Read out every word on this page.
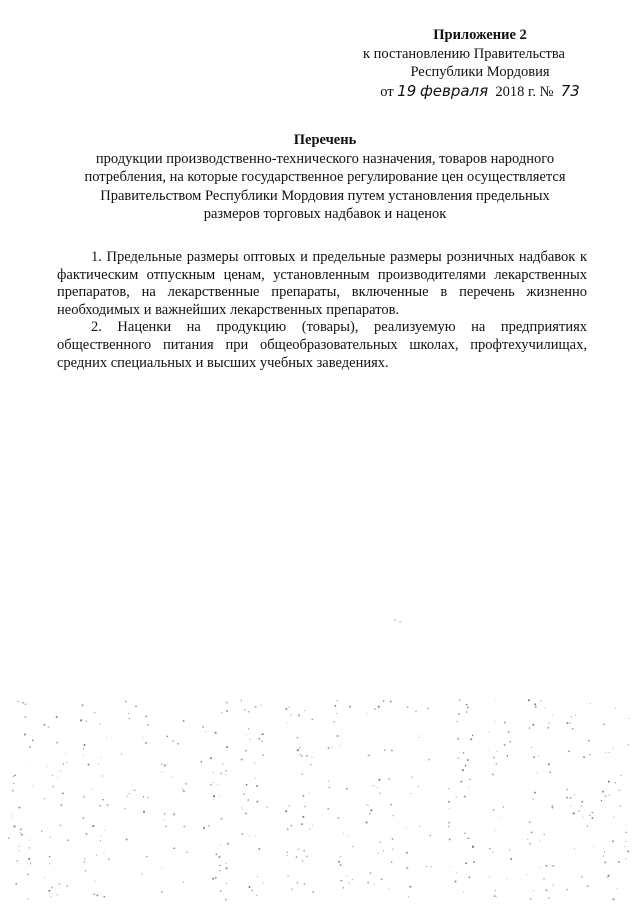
Приложение 2
к постановлению Правительства
Республики Мордовия
от 19 февраля 2018 г. № 73
Перечень
продукции производственно-технического назначения, товаров народного
потребления, на которые государственное регулирование цен осуществляется
Правительством Республики Мордовия путем установления предельных
размеров торговых надбавок и наценок

1. Предельные размеры оптовых и предельные размеры розничных надбавок к фактическим отпускным ценам, установленным производителями лекарственных препаратов, на лекарственные препараты, включенные в перечень жизненно необходимых и важнейших лекарственных препаратов.

2. Наценки на продукцию (товары), реализуемую на предприятиях общественного питания при общеобразовательных школах, профтехучилищах, средних специальных и высших учебных заведениях.
